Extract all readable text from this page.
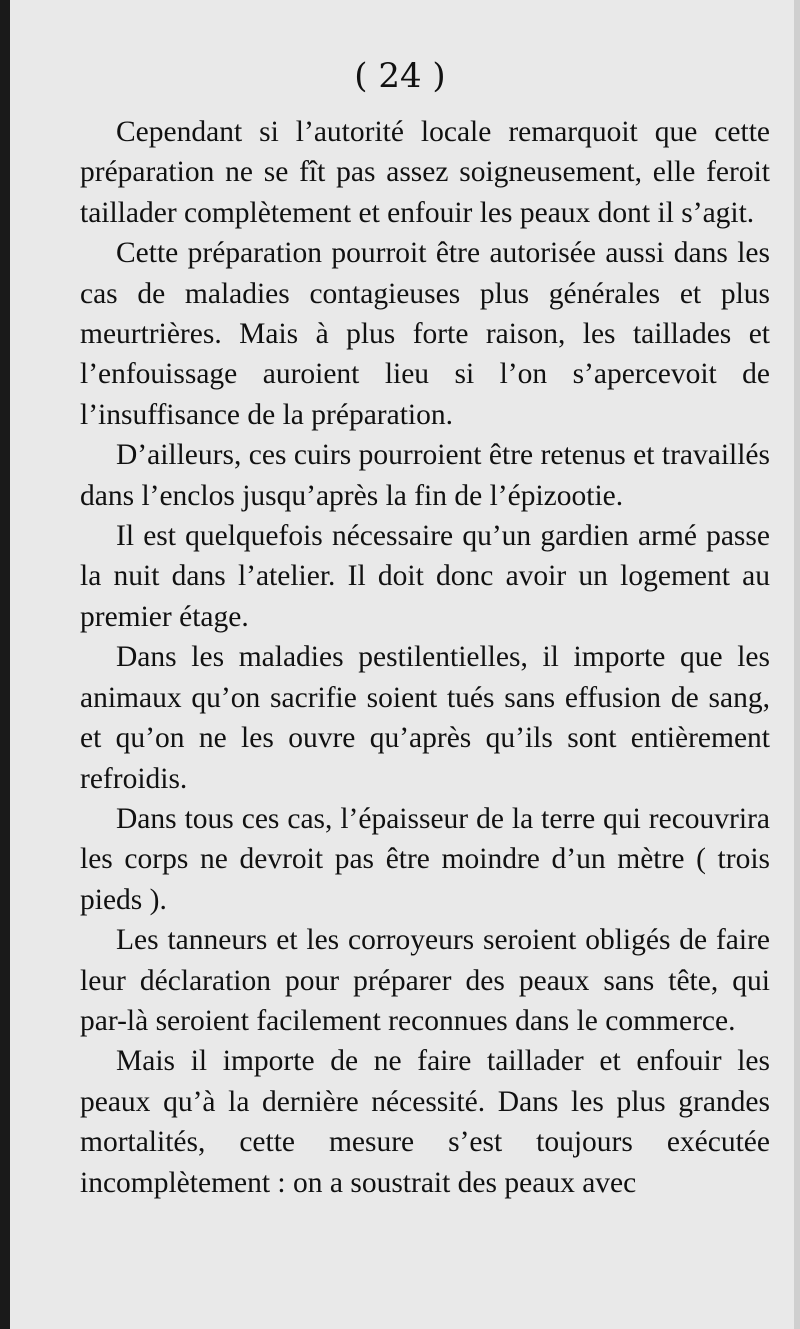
( 24 )

Cependant si l’autorité locale remarquoit que cette préparation ne se fît pas assez soigneusement, elle feroit taillader complètement et enfouir les peaux dont il s’agit.

Cette préparation pourroit être autorisée aussi dans les cas de maladies contagieuses plus générales et plus meurtrières. Mais à plus forte raison, les taillades et l’enfouissage auroient lieu si l’on s’apercevoit de l’insuffisance de la préparation.

D’ailleurs, ces cuirs pourroient être retenus et travaillés dans l’enclos jusqu’après la fin de l’épizootie.

Il est quelquefois nécessaire qu’un gardien armé passe la nuit dans l’atelier. Il doit donc avoir un logement au premier étage.

Dans les maladies pestilentielles, il importe que les animaux qu’on sacrifie soient tués sans effusion de sang, et qu’on ne les ouvre qu’après qu’ils sont entièrement refroidis.

Dans tous ces cas, l’épaisseur de la terre qui recouvrira les corps ne devroit pas être moindre d’un mètre ( trois pieds ).

Les tanneurs et les corroyeurs seroient obligés de faire leur déclaration pour préparer des peaux sans tête, qui par-là seroient facilement reconnues dans le commerce.

Mais il importe de ne faire taillader et enfouir les peaux qu’à la dernière nécessité. Dans les plus grandes mortalités, cette mesure s’est toujours exécutée incomplètement : on a soustrait des peaux avec
